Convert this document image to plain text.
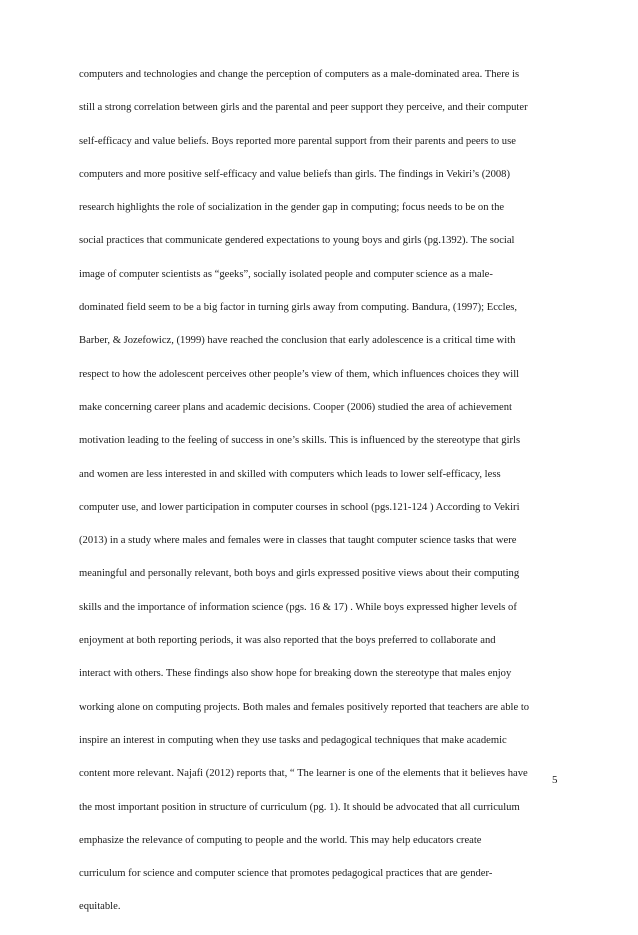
computers and technologies and change the perception of computers as a male-dominated area. There is

still a strong correlation between girls and the parental and peer support they perceive, and their computer

self-efficacy and value beliefs. Boys reported more parental support from their parents and peers to use

computers and more positive self-efficacy and value beliefs than girls. The findings in Vekiri’s (2008)

research highlights the role of socialization in the gender gap in computing; focus needs to be on the

social practices that communicate gendered expectations to young boys and girls (pg.1392). The social

image of computer scientists as “geeks”, socially isolated people and computer science as a male-

dominated field seem to be a big factor in turning girls away from computing. Bandura, (1997); Eccles,

Barber, & Jozefowicz, (1999) have reached the conclusion that early adolescence is a critical time with

respect to how the adolescent perceives other people’s view of them, which influences choices they will

make concerning career plans and academic decisions. Cooper (2006) studied the area of achievement

motivation leading to the feeling of success in one’s skills. This is influenced by the stereotype that girls

and women are less interested in and skilled with computers which leads to lower self-efficacy, less

computer use, and lower participation in computer courses in school (pgs.121-124 ) According to Vekiri

(2013) in a study where males and females were in classes that taught computer science tasks that were

meaningful and personally relevant, both boys and girls expressed positive views about their computing

skills and the importance of information science (pgs. 16 & 17) . While boys expressed higher levels of

enjoyment at both reporting periods, it was also reported that the boys preferred to collaborate and

interact with others. These findings also show hope for breaking down the stereotype that males enjoy

working alone on computing projects. Both males and females positively reported that teachers are able to

inspire an interest in computing when they use tasks and pedagogical techniques that make academic

content more relevant. Najafi (2012) reports that, “ The learner is one of the elements that it believes have

the most important position in structure of curriculum (pg. 1). It should be advocated that all curriculum

emphasize the relevance of computing to people and the world. This may help educators create

curriculum for science and computer science that promotes pedagogical practices that are gender-

equitable.

5
